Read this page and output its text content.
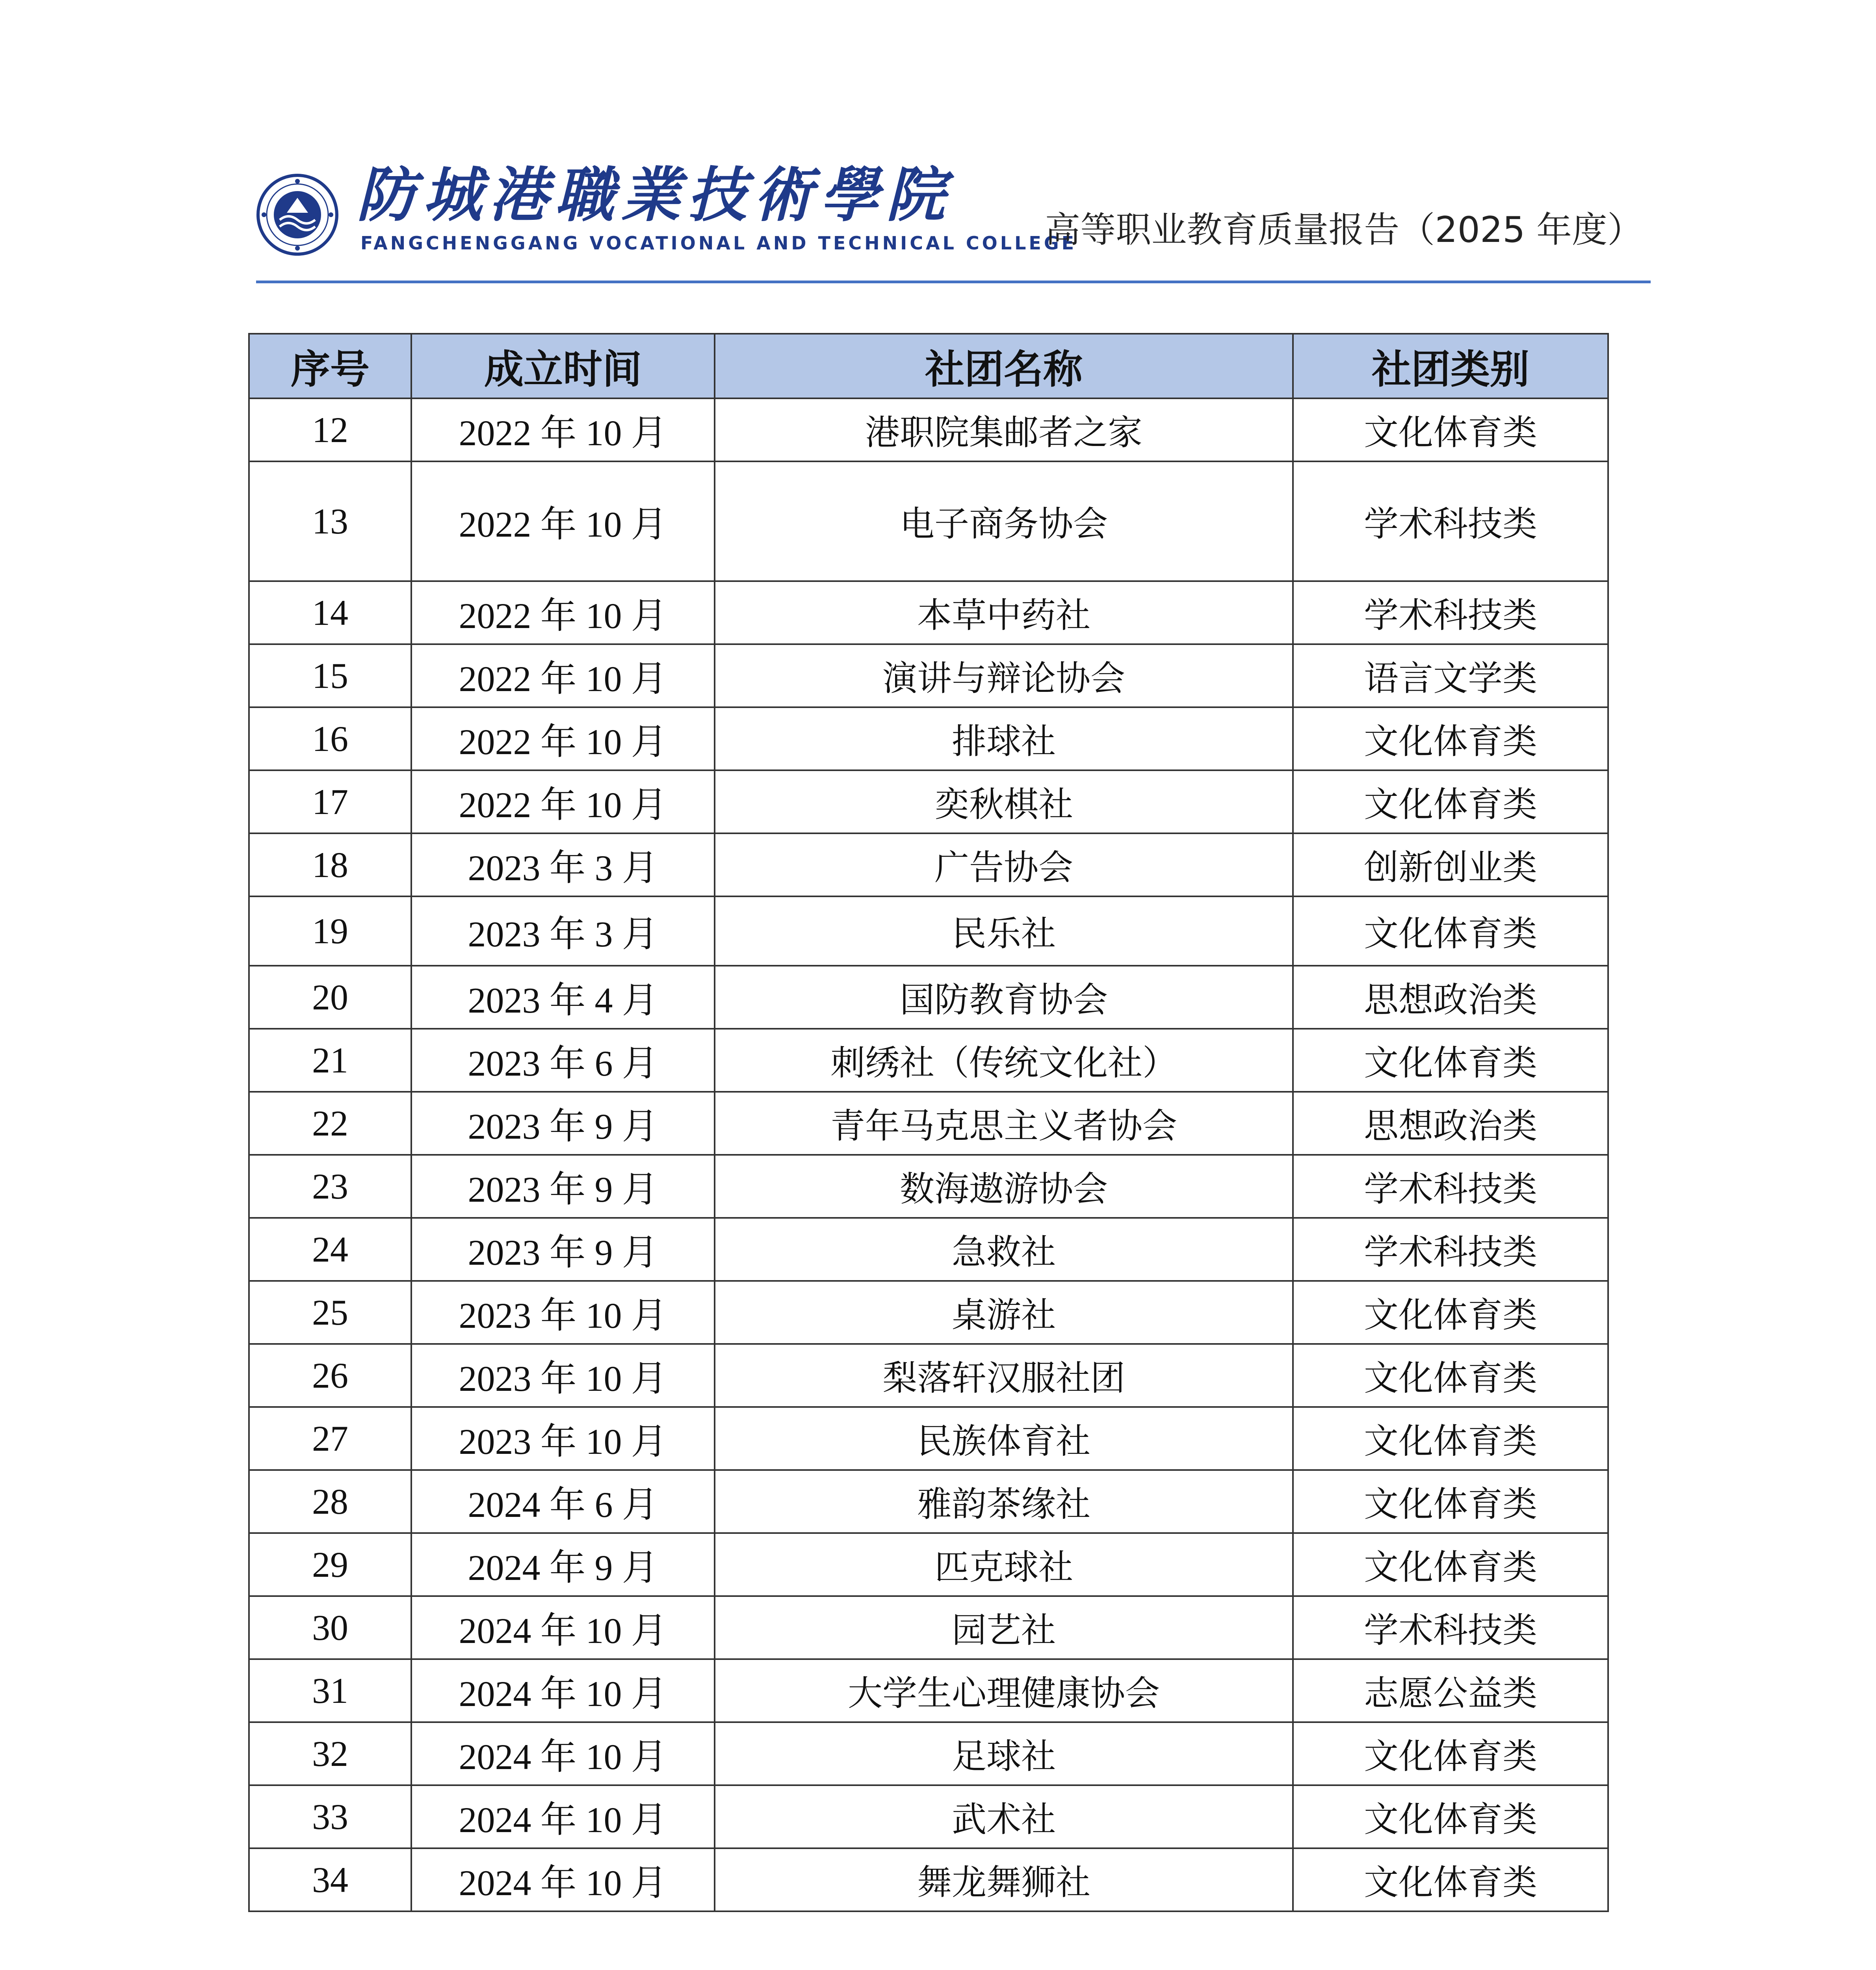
防城港職業技術學院
FANGCHENGGANG VOCATIONAL AND TECHNICAL COLLEGE
高等职业教育质量报告（2025 年度）
序号	成立时间	社团名称	社团类别
12	2022 年 10 月	港职院集邮者之家	文化体育类
13	2022 年 10 月	电子商务协会	学术科技类
14	2022 年 10 月	本草中药社	学术科技类
15	2022 年 10 月	演讲与辩论协会	语言文学类
16	2022 年 10 月	排球社	文化体育类
17	2022 年 10 月	奕秋棋社	文化体育类
18	2023 年 3 月	广告协会	创新创业类
19	2023 年 3 月	民乐社	文化体育类
20	2023 年 4 月	国防教育协会	思想政治类
21	2023 年 6 月	刺绣社（传统文化社）	文化体育类
22	2023 年 9 月	青年马克思主义者协会	思想政治类
23	2023 年 9 月	数海遨游协会	学术科技类
24	2023 年 9 月	急救社	学术科技类
25	2023 年 10 月	桌游社	文化体育类
26	2023 年 10 月	梨落轩汉服社团	文化体育类
27	2023 年 10 月	民族体育社	文化体育类
28	2024 年 6 月	雅韵茶缘社	文化体育类
29	2024 年 9 月	匹克球社	文化体育类
30	2024 年 10 月	园艺社	学术科技类
31	2024 年 10 月	大学生心理健康协会	志愿公益类
32	2024 年 10 月	足球社	文化体育类
33	2024 年 10 月	武术社	文化体育类
34	2024 年 10 月	舞龙舞狮社	文化体育类
